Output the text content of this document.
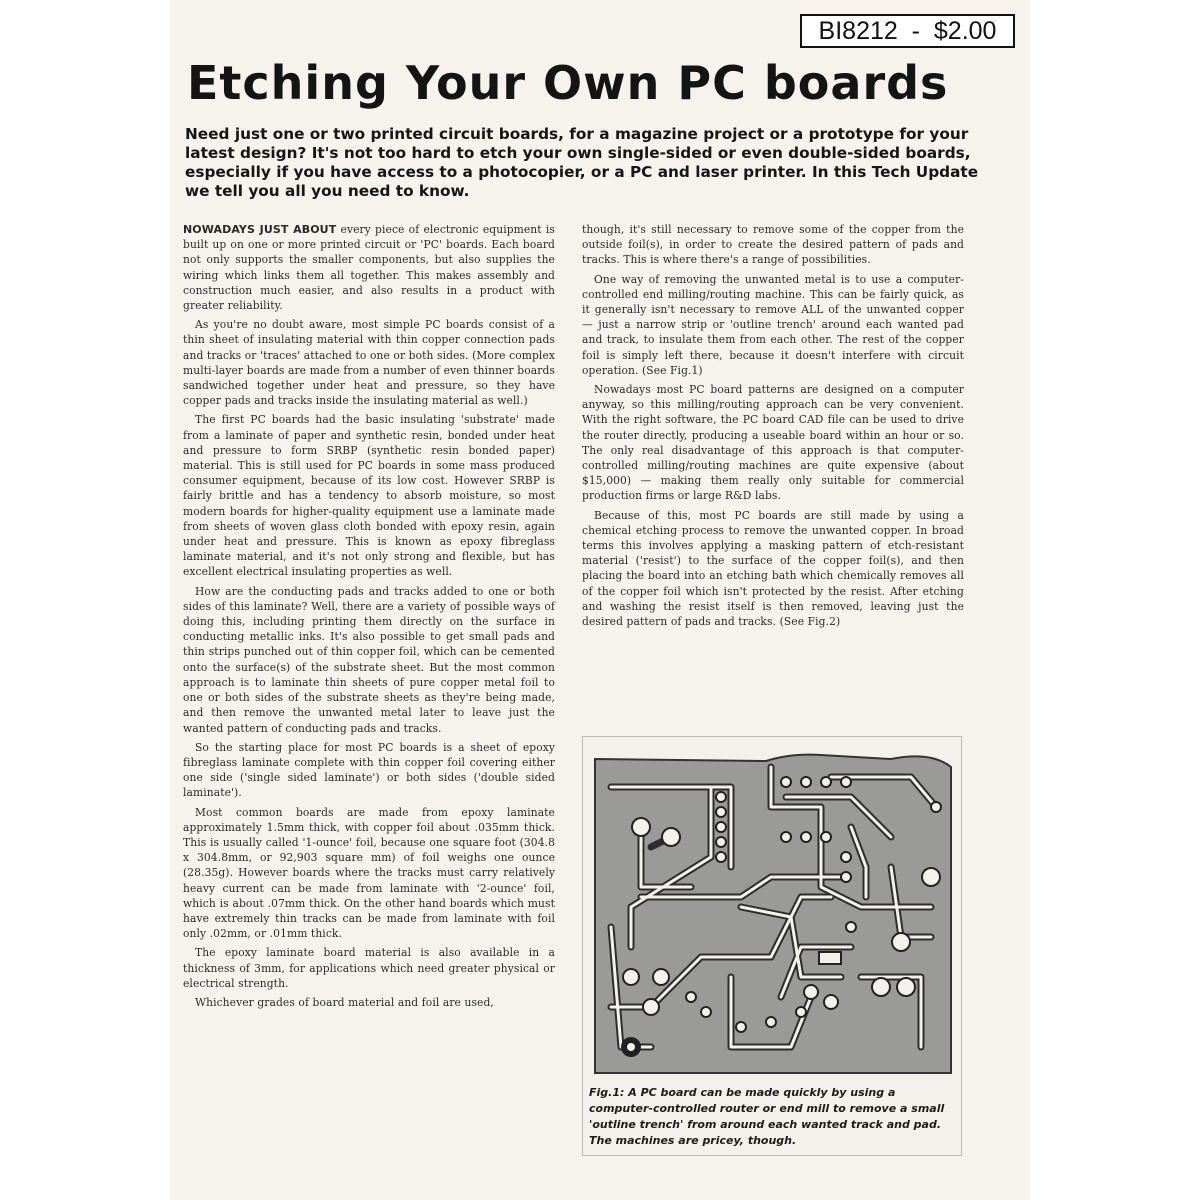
BI8212  -  $2.00
Etching Your Own PC boards

Need just one or two printed circuit boards, for a magazine project or a prototype for your latest design? It's not too hard to etch your own single-sided or even double-sided boards, especially if you have access to a photocopier, or a PC and laser printer. In this Tech Update we tell you all you need to know.

NOWADAYS JUST ABOUT every piece of electronic equipment is built up on one or more printed circuit or 'PC' boards. Each board not only supports the smaller components, but also supplies the wiring which links them all together. This makes assembly and construction much easier, and also results in a product with greater reliability.

As you're no doubt aware, most simple PC boards consist of a thin sheet of insulating material with thin copper connection pads and tracks or 'traces' attached to one or both sides. (More complex multi-layer boards are made from a number of even thinner boards sandwiched together under heat and pressure, so they have copper pads and tracks inside the insulating material as well.)

The first PC boards had the basic insulating 'substrate' made from a laminate of paper and synthetic resin, bonded under heat and pressure to form SRBP (synthetic resin bonded paper) material. This is still used for PC boards in some mass produced consumer equipment, because of its low cost. However SRBP is fairly brittle and has a tendency to absorb moisture, so most modern boards for higher-quality equipment use a laminate made from sheets of woven glass cloth bonded with epoxy resin, again under heat and pressure. This is known as epoxy fibreglass laminate material, and it's not only strong and flexible, but has excellent electrical insulating properties as well.

How are the conducting pads and tracks added to one or both sides of this laminate? Well, there are a variety of possible ways of doing this, including printing them directly on the surface in conducting metallic inks. It's also possible to get small pads and thin strips punched out of thin copper foil, which can be cemented onto the surface(s) of the substrate sheet. But the most common approach is to laminate thin sheets of pure copper metal foil to one or both sides of the substrate sheets as they're being made, and then remove the unwanted metal later to leave just the wanted pattern of conducting pads and tracks.

So the starting place for most PC boards is a sheet of epoxy fibreglass laminate complete with thin copper foil covering either one side ('single sided laminate') or both sides ('double sided laminate').

Most common boards are made from epoxy laminate approximately 1.5mm thick, with copper foil about .035mm thick. This is usually called '1-ounce' foil, because one square foot (304.8 x 304.8mm, or 92,903 square mm) of foil weighs one ounce (28.35g). However boards where the tracks must carry relatively heavy current can be made from laminate with '2-ounce' foil, which is about .07mm thick. On the other hand boards which must have extremely thin tracks can be made from laminate with foil only .02mm, or .01mm thick.

The epoxy laminate board material is also available in a thickness of 3mm, for applications which need greater physical or electrical strength.

Whichever grades of board material and foil are used,

though, it's still necessary to remove some of the copper from the outside foil(s), in order to create the desired pattern of pads and tracks. This is where there's a range of possibilities.

One way of removing the unwanted metal is to use a computer-controlled end milling/routing machine. This can be fairly quick, as it generally isn't necessary to remove ALL of the unwanted copper — just a narrow strip or 'outline trench' around each wanted pad and track, to insulate them from each other. The rest of the copper foil is simply left there, because it doesn't interfere with circuit operation. (See Fig.1)

Nowadays most PC board patterns are designed on a computer anyway, so this milling/routing approach can be very convenient. With the right software, the PC board CAD file can be used to drive the router directly, producing a useable board within an hour or so. The only real disadvantage of this approach is that computer-controlled milling/routing machines are quite expensive (about $15,000) — making them really only suitable for commercial production firms or large R&D labs.

Because of this, most PC boards are still made by using a chemical etching process to remove the unwanted copper. In broad terms this involves applying a masking pattern of etch-resistant material ('resist') to the surface of the copper foil(s), and then placing the board into an etching bath which chemically removes all of the copper foil which isn't protected by the resist. After etching and washing the resist itself is then removed, leaving just the desired pattern of pads and tracks. (See Fig.2)

Fig.1: A PC board can be made quickly by using a computer-controlled router or end mill to remove a small 'outline trench' from around each wanted track and pad. The machines are pricey, though.
